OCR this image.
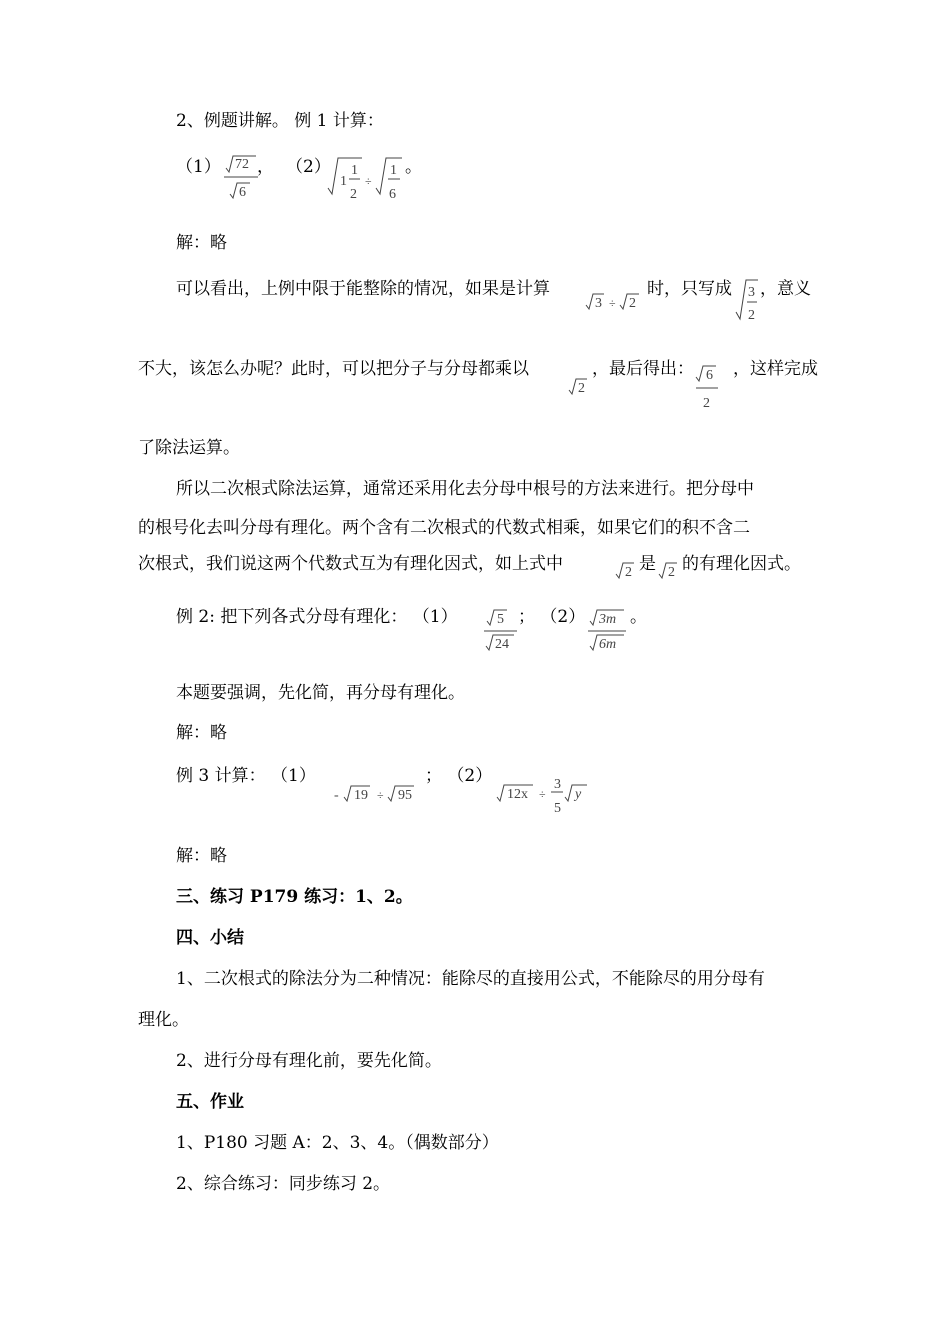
2、例题讲解。 例 1 计算：
（1） 72
6
， （2）
1
1
2
÷
1
6
。
解：略
可以看出，上例中限于能整除的情况，如果是计算
3 ÷ 2
时，只写成 3
2
，意义
不大，该怎么办呢？此时，可以把分子与分母都乘以
2
，最后得出： 6
2
，这样完成
了除法运算。
所以二次根式除法运算，通常还采用化去分母中根号的方法来进行。把分母中
的根号化去叫分母有理化。两个含有二次根式的代数式相乘，如果它们的积不含二
次根式，我们说这两个代数式互为有理化因式，如上式中	2 是 2 的有理化因式。
例 2: 把下列各式分母有理化： （1）	5
24
； （2） 3m
6m
。
本题要强调，先化简，再分母有理化。
解：略
例 3 计算： （1）
- 19 ÷ 95
； （2）
12x ÷
3
5
y
解：略
三、练习 P179 练习：1、2。
四、小结
1、二次根式的除法分为二种情况：能除尽的直接用公式，不能除尽的用分母有
理化。
2、进行分母有理化前，要先化简。
五、作业
1、P180 习题 A：2、3、4。（偶数部分）
2、综合练习：同步练习 2。
